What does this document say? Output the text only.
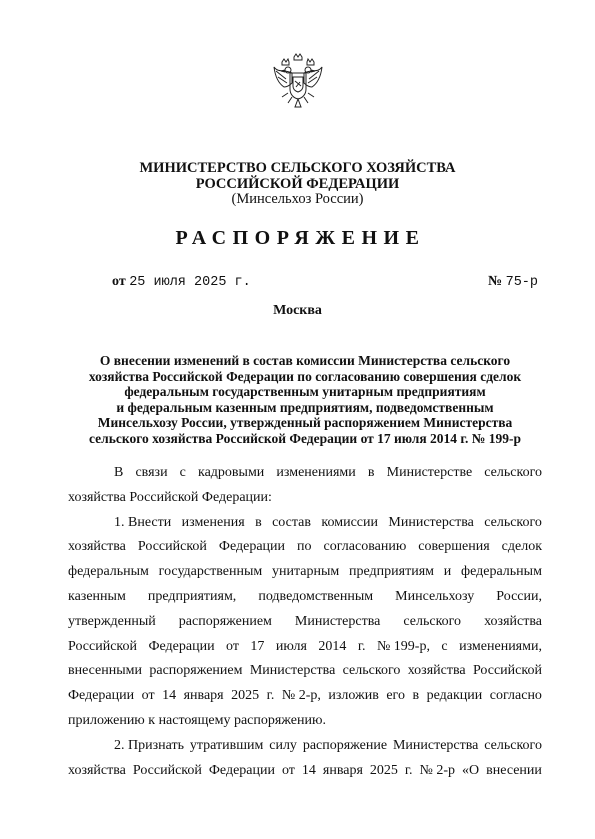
МИНИСТЕРСТВО СЕЛЬСКОГО ХОЗЯЙСТВА
РОССИЙСКОЙ ФЕДЕРАЦИИ
(Минсельхоз России)
РАСПОРЯЖЕНИЕ
от 25 июля 2025 г.	№ 75-р
Москва
О внесении изменений в состав комиссии Министерства сельского
хозяйства Российской Федерации по согласованию совершения сделок
федеральным государственным унитарным предприятиям
и федеральным казенным предприятиям, подведомственным
Минсельхозу России, утвержденный распоряжением Министерства
сельского хозяйства Российской Федерации от 17 июля 2014 г. № 199-р
В связи с кадровыми изменениями в Министерстве сельского
хозяйства Российской Федерации:
1. Внести изменения в состав комиссии Министерства сельского
хозяйства Российской Федерации по согласованию совершения сделок
федеральным государственным унитарным предприятиям и федеральным
казенным предприятиям, подведомственным Минсельхозу России,
утвержденный распоряжением Министерства сельского хозяйства
Российской Федерации от 17 июля 2014 г. № 199-р, с изменениями,
внесенными распоряжением Министерства сельского хозяйства Российской
Федерации от 14 января 2025 г. № 2-р, изложив его в редакции согласно
приложению к настоящему распоряжению.
2. Признать утратившим силу распоряжение Министерства сельского
хозяйства Российской Федерации от 14 января 2025 г. № 2-р «О внесении
